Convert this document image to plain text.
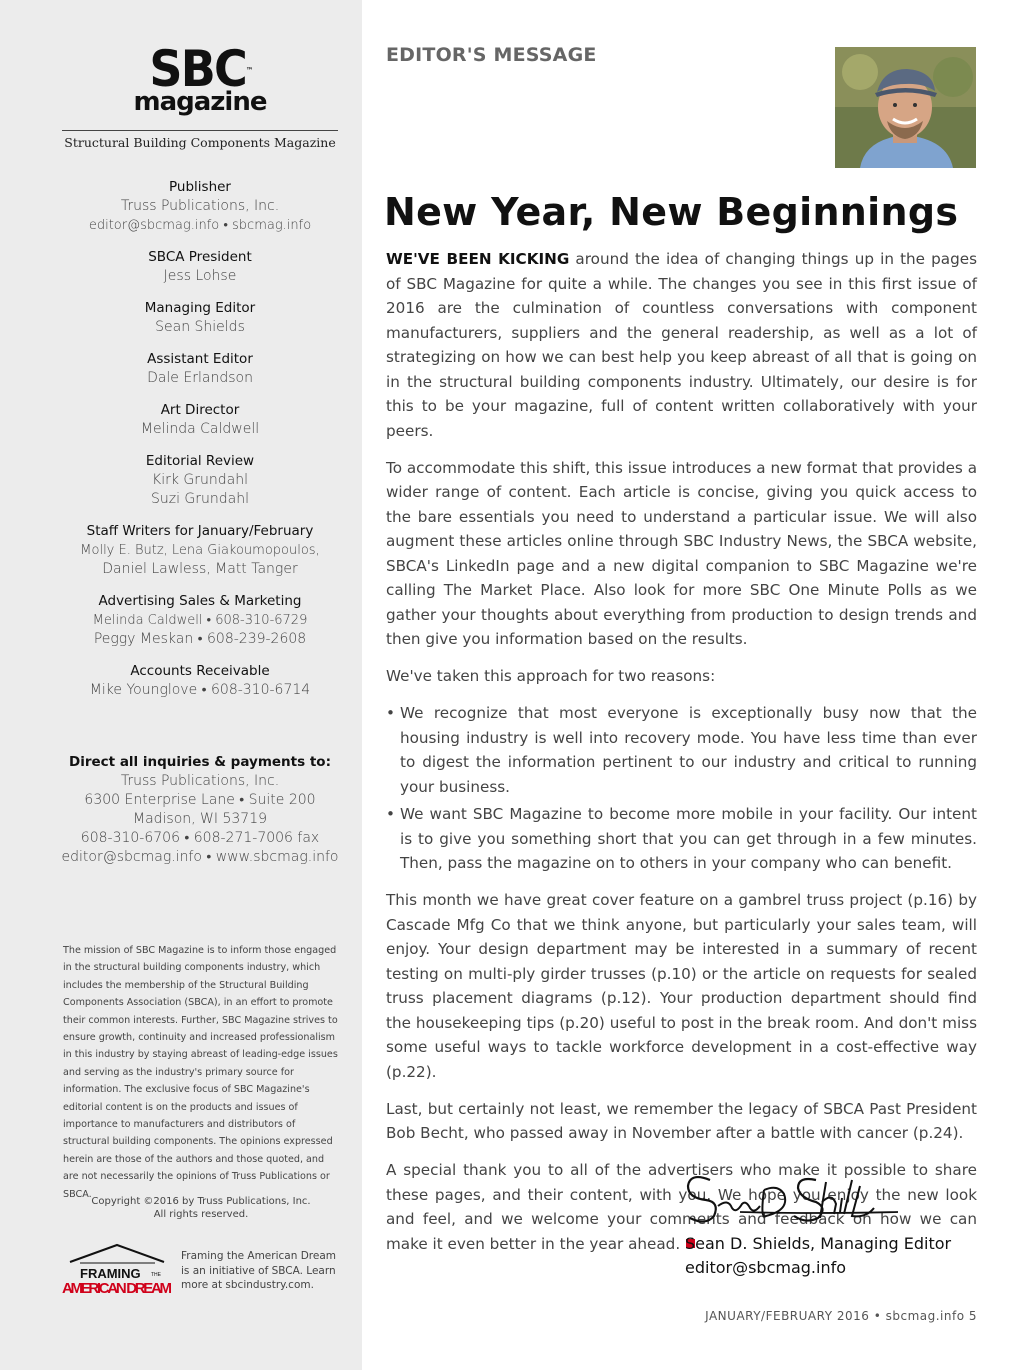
SBC™
magazine
Structural Building Components Magazine
Publisher
Truss Publications, Inc.
editor@sbcmag.info • sbcmag.info
SBCA President
Jess Lohse
Managing Editor
Sean Shields
Assistant Editor
Dale Erlandson
Art Director
Melinda Caldwell
Editorial Review
Kirk Grundahl
Suzi Grundahl
Staff Writers for January/February
Molly E. Butz, Lena Giakoumopoulos,
Daniel Lawless, Matt Tanger
Advertising Sales & Marketing
Melinda Caldwell • 608-310-6729
Peggy Meskan • 608-239-2608
Accounts Receivable
Mike Younglove • 608-310-6714
Direct all inquiries & payments to:
Truss Publications, Inc.
6300 Enterprise Lane • Suite 200
Madison, WI 53719
608-310-6706 • 608-271-7006 fax
editor@sbcmag.info • www.sbcmag.info
The mission of SBC Magazine is to inform those engaged in the structural building components industry, which includes the membership of the Structural Building Components Association (SBCA), in an effort to promote their common interests. Further, SBC Magazine strives to ensure growth, continuity and increased professionalism in this industry by staying abreast of leading-edge issues and serving as the industry's primary source for information. The exclusive focus of SBC Magazine's editorial content is on the products and issues of importance to manufacturers and distributors of structural building components. The opinions expressed herein are those of the authors and those quoted, and are not necessarily the opinions of Truss Publications or SBCA.
Copyright ©2016 by Truss Publications, Inc.
All rights reserved.
FRAMING THE
AMERICAN DREAM
Framing the American Dream is an initiative of SBCA. Learn more at sbcindustry.com.
EDITOR'S MESSAGE
New Year, New Beginnings

WE'VE BEEN KICKING around the idea of changing things up in the pages of SBC Magazine for quite a while. The changes you see in this first issue of 2016 are the culmination of countless conversations with component manufacturers, suppliers and the general readership, as well as a lot of strategizing on how we can best help you keep abreast of all that is going on in the structural building components industry. Ultimately, our desire is for this to be your magazine, full of content written collaboratively with your peers.

To accommodate this shift, this issue introduces a new format that provides a wider range of content. Each article is concise, giving you quick access to the bare essentials you need to understand a particular issue. We will also augment these articles online through SBC Industry News, the SBCA website, SBCA's LinkedIn page and a new digital companion to SBC Magazine we're calling The Market Place. Also look for more SBC One Minute Polls as we gather your thoughts about everything from production to design trends and then give you information based on the results.

We've taken this approach for two reasons:

• We recognize that most everyone is exceptionally busy now that the housing industry is well into recovery mode. You have less time than ever to digest the information pertinent to our industry and critical to running your business.
• We want SBC Magazine to become more mobile in your facility. Our intent is to give you something short that you can get through in a few minutes. Then, pass the magazine on to others in your company who can benefit.

This month we have great cover feature on a gambrel truss project (p.16) by Cascade Mfg Co that we think anyone, but particularly your sales team, will enjoy. Your design department may be interested in a summary of recent testing on multi-ply girder trusses (p.10) or the article on requests for sealed truss placement diagrams (p.12). Your production department should find the housekeeping tips (p.20) useful to post in the break room. And don't miss some useful ways to tackle workforce development in a cost-effective way (p.22).

Last, but certainly not least, we remember the legacy of SBCA Past President Bob Becht, who passed away in November after a battle with cancer (p.24).

A special thank you to all of the advertisers who make it possible to share these pages, and their content, with you. We hope you enjoy the new look and feel, and we welcome your comments and feedback on how we can make it even better in the year ahead. Sean D. Shields, Managing Editor
editor@sbcmag.info
JANUARY/FEBRUARY 2016 • sbcmag.info 5
